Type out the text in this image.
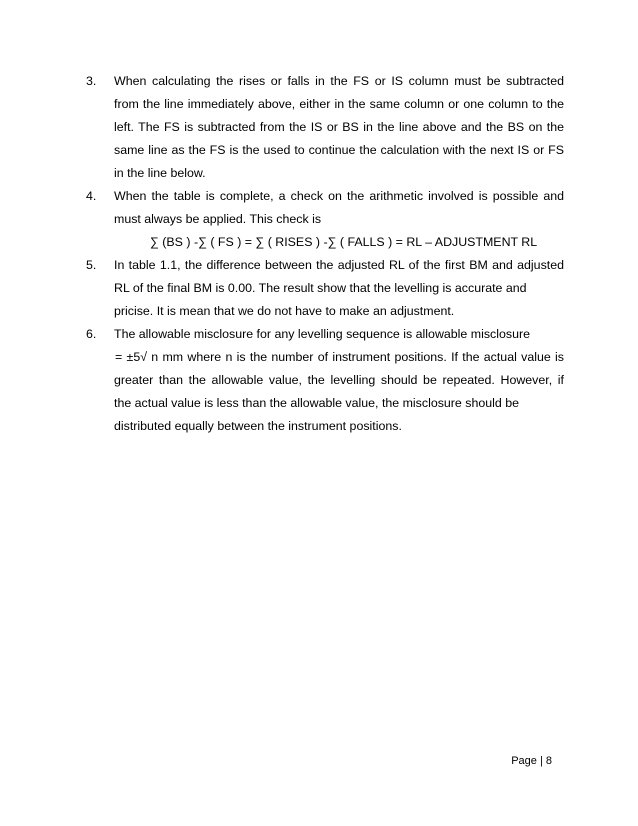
3. When calculating the rises or falls in the FS or IS column must be subtracted
from the line immediately above, either in the same column or one column to the
left. The FS is subtracted from the IS or BS in the line above and the BS on the
same line as the FS is the used to continue the calculation with the next IS or FS
in the line below.
4. When the table is complete, a check on the arithmetic involved is possible and
must always be applied. This check is
∑ (BS ) -∑ ( FS ) = ∑ ( RISES ) -∑ ( FALLS ) = RL – ADJUSTMENT RL
5. In table 1.1, the difference between the adjusted RL of the first BM and adjusted
RL of the final BM is 0.00. The result show that the levelling is accurate and
pricise. It is mean that we do not have to make an adjustment.
6. The allowable misclosure for any levelling sequence is allowable misclosure
= ±5√ n mm where n is the number of instrument positions. If the actual value is
greater than the allowable value, the levelling should be repeated. However, if
the actual value is less than the allowable value, the misclosure should be
distributed equally between the instrument positions.
Page | 8
